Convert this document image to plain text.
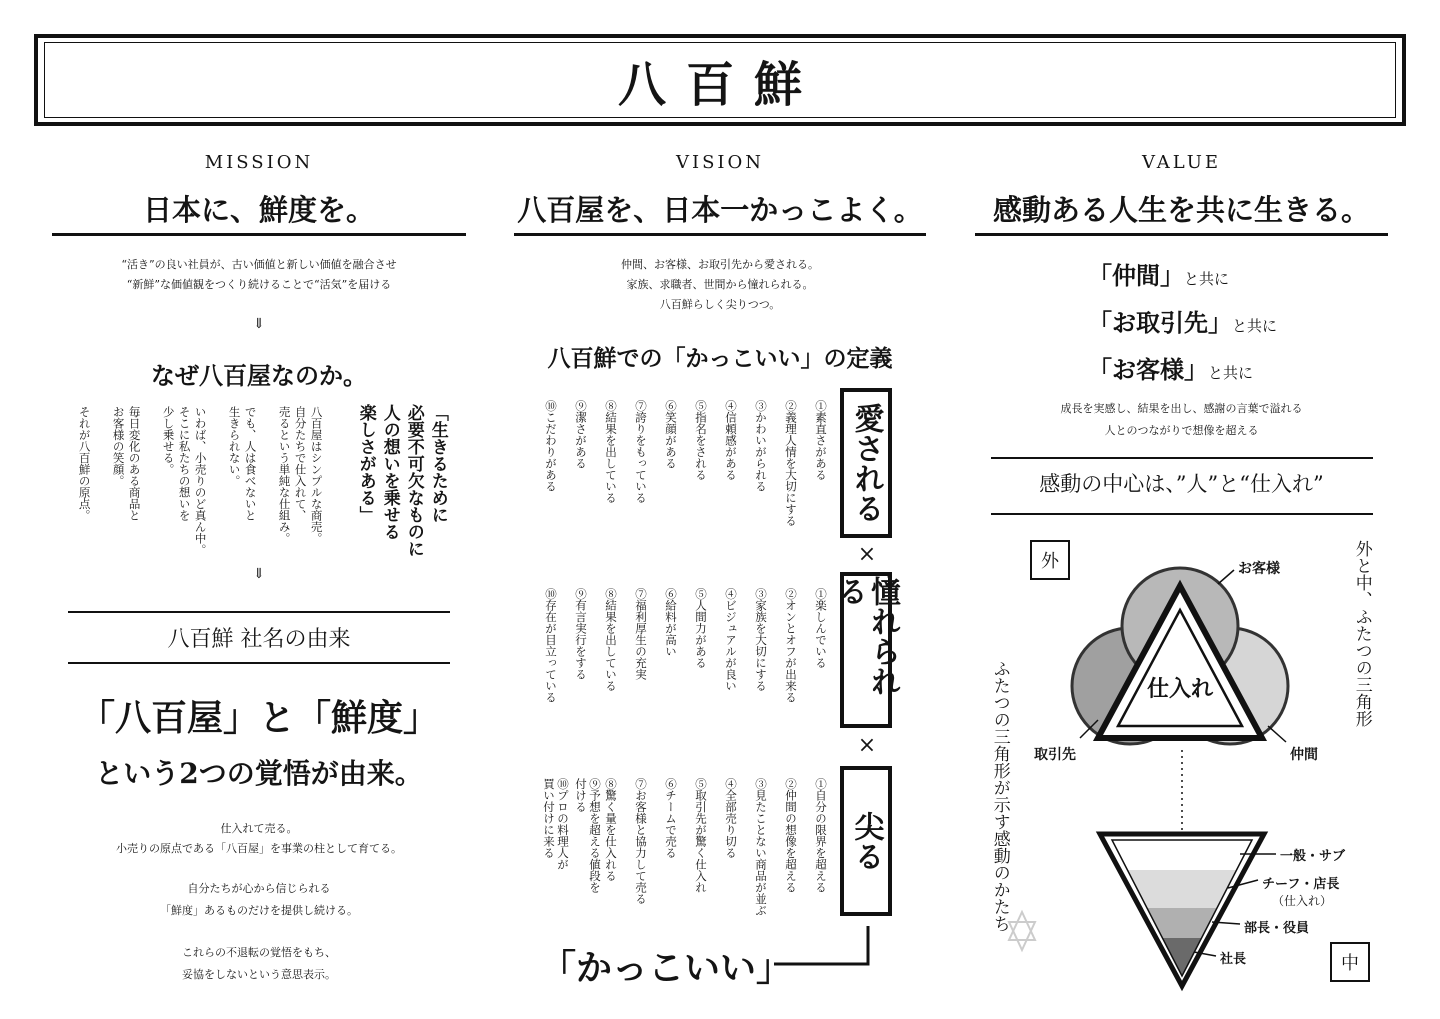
八百鮮
MISSION
日本に、鮮度を。
“活き”の良い社員が、古い価値と新しい価値を融合させ
“新鮮”な価値観をつくり続けることで“活気”を届ける
⇓
なぜ八百屋なのか。
「生きるために
必要不可欠なものに
人の想いを乗せる
楽しさがある」
八百屋はシンプルな商売。
自分たちで仕入れて、
売るという単純な仕組み。
でも、人は食べないと
生きられない。
いわば、小売りのど真ん中。
そこに私たちの想いを
少し乗せる。
毎日変化のある商品と
お客様の笑顔。
それが八百鮮の原点。
⇓
八百鮮 社名の由来
「八百屋」と「鮮度」
という2つの覚悟が由来。
仕入れて売る。
小売りの原点である「八百屋」を事業の柱として育てる。
自分たちが心から信じられる
「鮮度」あるものだけを提供し続ける。
これらの不退転の覚悟をもち、
妥協をしないという意思表示。
VISION
八百屋を、日本一かっこよく。
仲間、お客様、お取引先から愛される。
家族、求職者、世間から憧れられる。
八百鮮らしく尖りつつ。
八百鮮での「かっこいい」の定義
愛される
①素直さがある
②義理人情を大切にする
③かわいがられる
④信頼感がある
⑤指名をされる
⑥笑顔がある
⑦誇りをもっている
⑧結果を出している
⑨潔さがある
⑩こだわりがある
×
憧れられる
①楽しんでいる
②オンとオフが出来る
③家族を大切にする
④ビジュアルが良い
⑤人間力がある
⑥給料が高い
⑦福利厚生の充実
⑧結果を出している
⑨有言実行をする
⑩存在が目立っている
×
尖る
①自分の限界を超える
②仲間の想像を超える
③見たことない商品が並ぶ
④全部売り切る
⑤取引先が驚く仕入れ
⑥チームで売る
⑦お客様と協力して売る
⑧驚く量を仕入れる
⑨予想を超える値段を付ける
⑩プロの料理人が買い付けに来る
「かっこいい」
VALUE
感動ある人生を共に生きる。
「仲間」と共に
「お取引先」と共に
「お客様」と共に
成長を実感し、結果を出し、感謝の言葉で溢れる
人とのつながりで想像を超える
感動の中心は、”人”と“仕入れ”
外
中
外と中、ふたつの三角形
ふたつの三角形が示す感動のかたち
お客様
取引先	仲間
仕入れ
一般・サブ
チーフ・店長
（仕入れ）
部長・役員
社長
